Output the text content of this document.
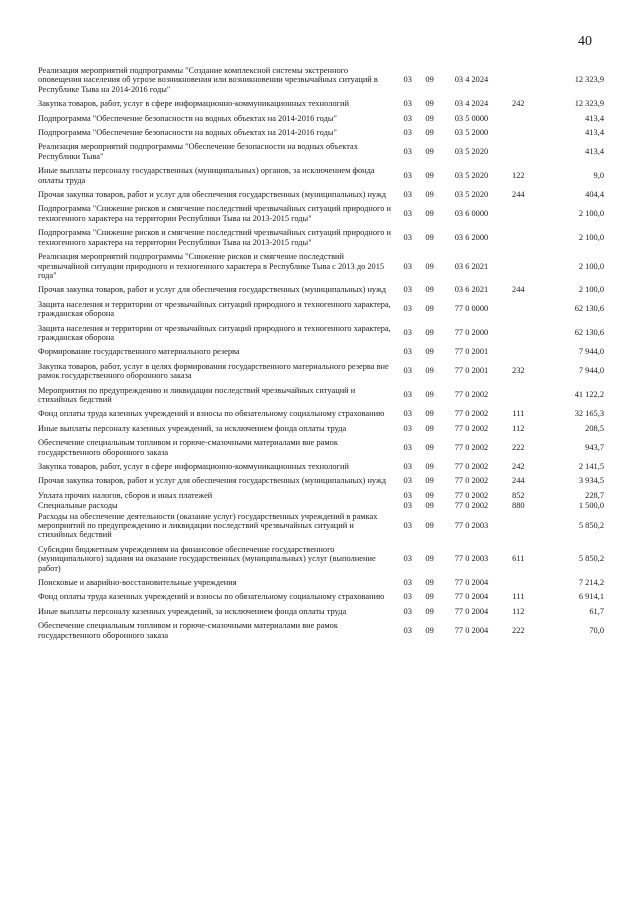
40
Реализация мероприятий подпрограммы "Создание комплексной системы экстренного оповещения населения об угрозе возникновения или возникновении чрезвычайных ситуаций в Республике Тыва на 2014-2016 годы"
03	09	03 4 2024	12 323,9
Закупка товаров, работ, услуг в сфере информационно-коммуникационных технологий	03	09	03 4 2024	242	12 323,9
Подпрограмма "Обеспечение безопасности на водных объектах на 2014-2016 годы"	03	09	03 5 0000	413,4
Подпрограмма "Обеспечение безопасности на водных объектах на 2014-2016 годы"	03	09	03 5 2000	413,4
Реализация мероприятий подпрограммы "Обеспечение безопасности на водных объектах Республики Тыва"
03	09	03 5 2020	413,4
Иные выплаты персоналу государственных (муниципальных) органов, за исключением фонда оплаты труда
03	09	03 5 2020	122	9,0
Прочая закупка товаров, работ и услуг для обеспечения государственных (муниципальных) нужд	03	09	03 5 2020	244	404,4
Подпрограмма "Снижение рисков и смягчение последствий чрезвычайных ситуаций природного и техногенного характера на территории Республики Тыва на 2013-2015 годы"
03	09	03 6 0000	2 100,0
Подпрограмма "Снижение рисков и смягчение последствий чрезвычайных ситуаций природного и техногенного характера на территории Республики Тыва на 2013-2015 годы"
03	09	03 6 2000	2 100,0
Реализация мероприятий подпрограммы "Снижение рисков и смягчение последствий чрезвычайной ситуации природного и техногенного характера в Республике Тыва с 2013 до 2015 года"
03	09	03 6 2021	2 100,0
Прочая закупка товаров, работ и услуг для обеспечения государственных (муниципальных) нужд	03	09	03 6 2021	244	2 100,0
Защита населения и территории от чрезвычайных ситуаций природного и техногенного характера, гражданская оборона
03	09	77 0 0000	62 130,6
Защита населения и территории от чрезвычайных ситуаций природного и техногенного характера, гражданская оборона
03	09	77 0 2000	62 130,6
Формирование государственного материального резерва	03	09	77 0 2001	7 944,0
Закупка товаров, работ, услуг в целях формирования государственного материального резерва вне рамок государственного оборонного заказа
03	09	77 0 2001	232	7 944,0
Мероприятия по предупреждению и ликвидации последствий чрезвычайных ситуаций и стихийных бедствий
03	09	77 0 2002	41 122,2
Фонд оплаты труда казенных учреждений и взносы по обязательному социальному страхованию	03	09	77 0 2002	111	32 165,3
Иные выплаты персоналу казенных учреждений, за исключением фонда оплаты труда	03	09	77 0 2002	112	208,5
Обеспечение специальным топливом и горюче-смазочными материалами вне рамок государственного оборонного заказа
03	09	77 0 2002	222	943,7
Закупка товаров, работ, услуг в сфере информационно-коммуникационных технологий	03	09	77 0 2002	242	2 141,5
Прочая закупка товаров, работ и услуг для обеспечения государственных (муниципальных) нужд	03	09	77 0 2002	244	3 934,5
Уплата прочих налогов, сборов и иных платежей	03	09	77 0 2002	852	228,7
Специальные расходы	03	09	77 0 2002	880	1 500,0
Расходы на обеспечение деятельности (оказание услуг) государственных учреждений в рамках мероприятий по предупреждению и ликвидации последствий чрезвычайных ситуаций и стихийных бедствий
03	09	77 0 2003	5 850,2
Субсидии бюджетным учреждениям на финансовое обеспечение государственного (муниципального) задания на оказание государственных (муниципальных) услуг (выполнение работ)
03	09	77 0 2003	611	5 850,2
Поисковые и аварийно-восстановительные учреждения	03	09	77 0 2004	7 214,2
Фонд оплаты труда казенных учреждений и взносы по обязательному социальному страхованию	03	09	77 0 2004	111	6 914,1
Иные выплаты персоналу казенных учреждений, за исключением фонда оплаты труда	03	09	77 0 2004	112	61,7
Обеспечение специальным топливом и горюче-смазочными материалами вне рамок государственного оборонного заказа
03	09	77 0 2004	222	70,0
